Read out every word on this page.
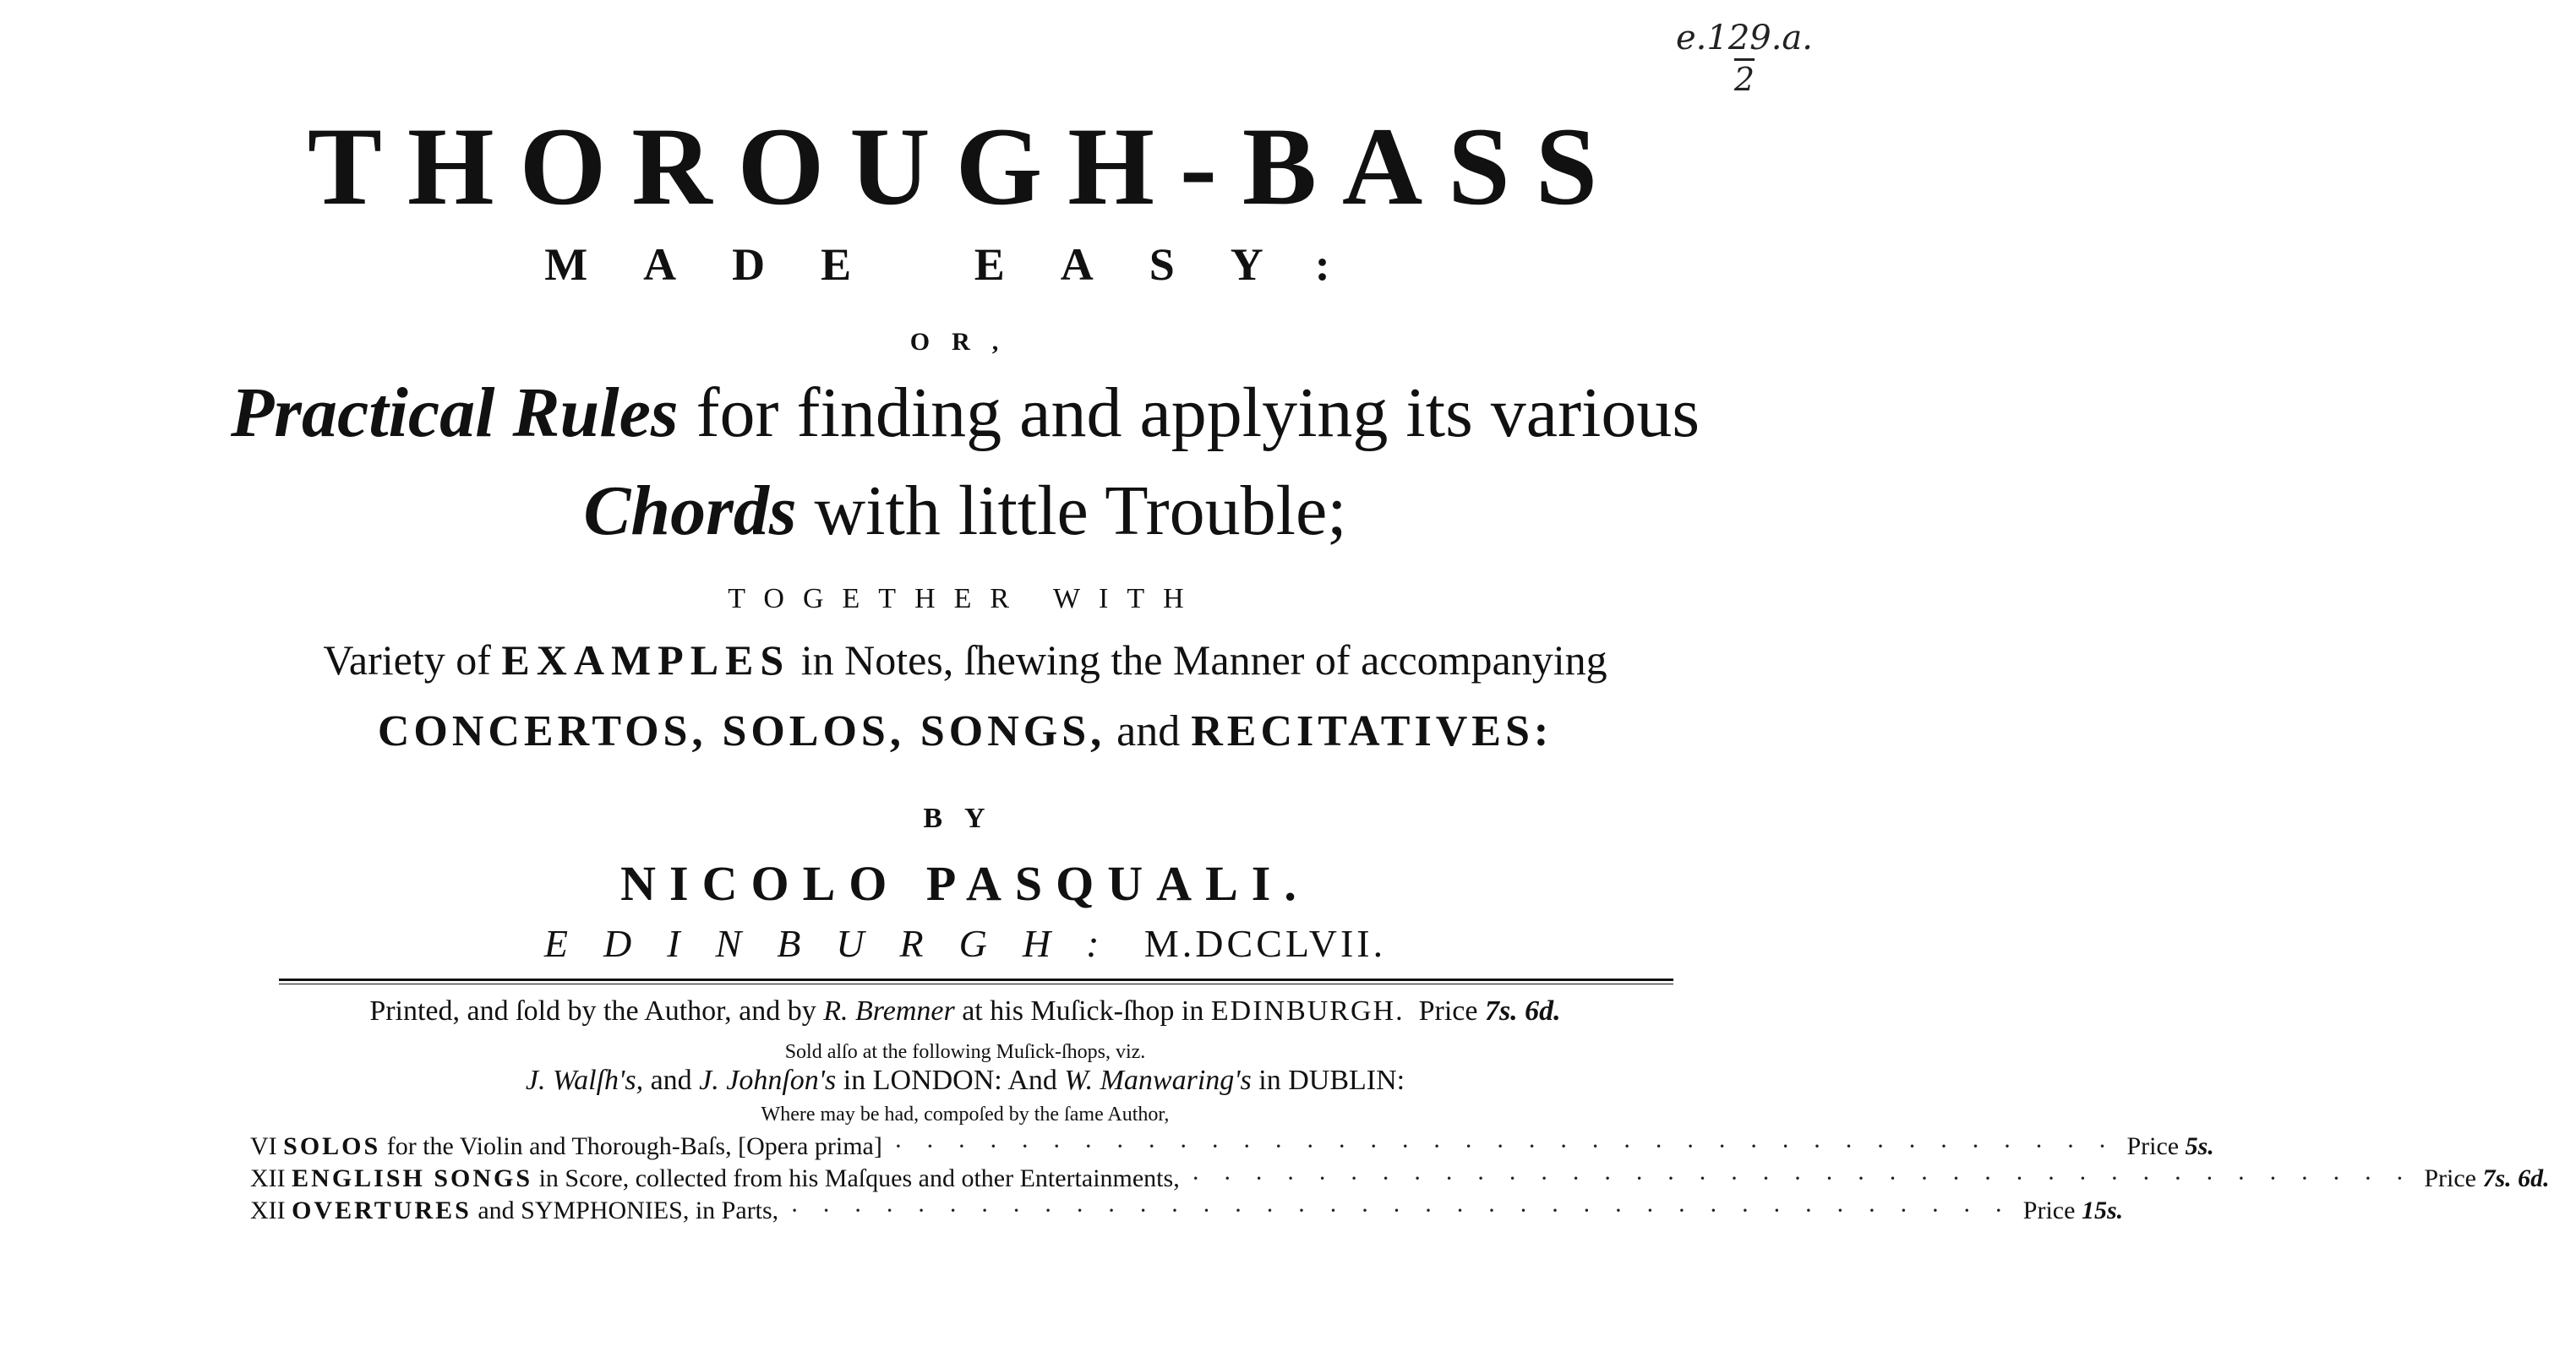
e.129.a.
2
THOROUGH-BASS
MADE EASY:
OR,
Practical Rules for finding and applying its various
Chords with little Trouble;
TOGETHER WITH
Variety of EXAMPLES in Notes, ſhewing the Manner of accompanying
CONCERTOS, SOLOS, SONGS, and RECITATIVES:
BY
NICOLO PASQUALI.
EDINBURGH: M.DCCLVII.
Printed, and ſold by the Author, and by R. Bremner at his Muſick-ſhop in EDINBURGH.  Price 7s. 6d.
Sold alſo at the following Muſick-ſhops, viz.
J. Walſh's, and J. Johnſon's in LONDON: And W. Manwaring's in DUBLIN:
Where may be had, compoſed by the ſame Author,
VI SOLOS for the Violin and Thorough-Baſs, [Opera prima] · · · · · · · · · · · · · · · · · · · · · · · · · · · · · · · · · · · · · · · Price 5s.
XII ENGLISH SONGS in Score, collected from his Maſques and other Entertainments, · · · · · · · · · · · · · · · · · · · · · · · · · · · · · · · · · · · · · · · Price 7s. 6d.
XII OVERTURES and SYMPHONIES, in Parts, · · · · · · · · · · · · · · · · · · · · · · · · · · · · · · · · · · · · · · · Price 15s.
